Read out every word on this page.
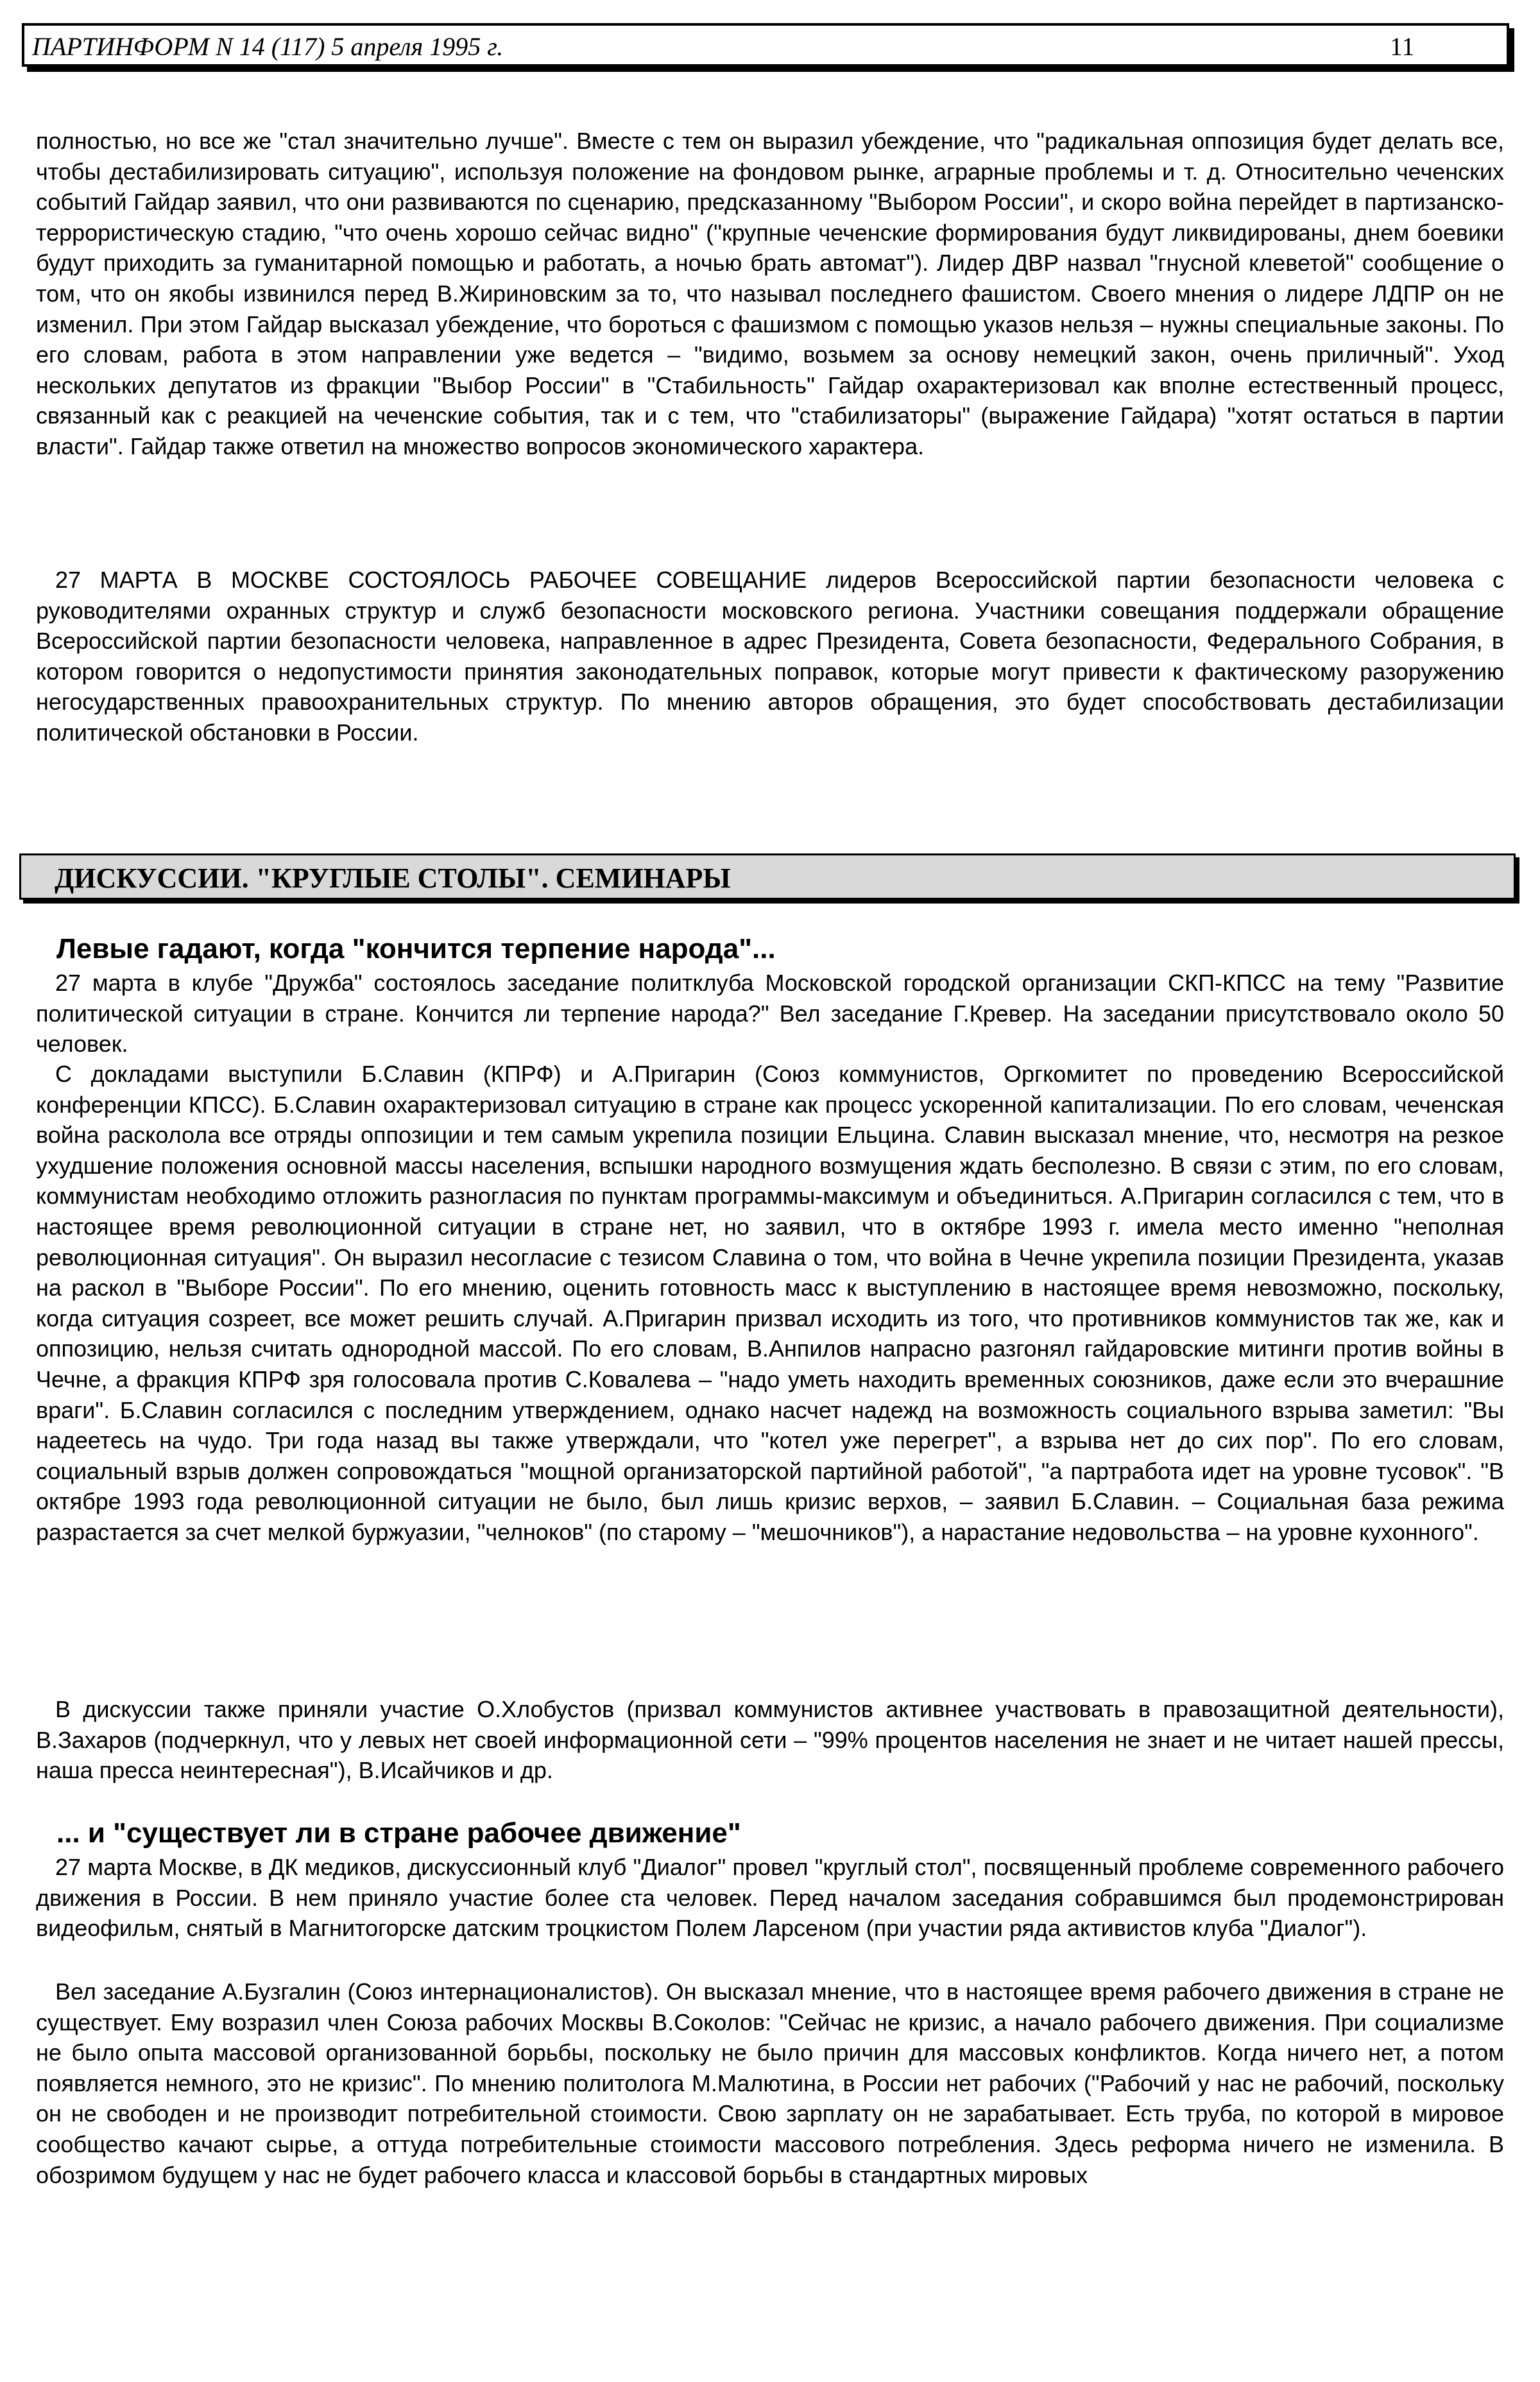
ПАРТИНФОРМ N 14 (117) 5 апреля 1995 г.	11

полностью, но все же "стал значительно лучше". Вместе с тем он выразил убеждение, что "радикальная оппозиция будет делать все, чтобы дестабилизировать ситуацию", используя положение на фондовом рынке, аграрные проблемы и т. д. Относительно чеченских событий Гайдар заявил, что они развиваются по сценарию, предсказанному "Выбором России", и скоро война перейдет в партизанско-террористическую стадию, "что очень хорошо сейчас видно" ("крупные чеченские формирования будут ликвидированы, днем боевики будут приходить за гуманитарной помощью и работать, а ночью брать автомат"). Лидер ДВР назвал "гнусной клеветой" сообщение о том, что он якобы извинился перед В.Жириновским за то, что называл последнего фашистом. Своего мнения о лидере ЛДПР он не изменил. При этом Гайдар высказал убеждение, что бороться с фашизмом с помощью указов нельзя – нужны специальные законы. По его словам, работа в этом направлении уже ведется – "видимо, возьмем за основу немецкий закон, очень приличный". Уход нескольких депутатов из фракции "Выбор России" в "Стабильность" Гайдар охарактеризовал как вполне естественный процесс, связанный как с реакцией на чеченские события, так и с тем, что "стабилизаторы" (выражение Гайдара) "хотят остаться в партии власти". Гайдар также ответил на множество вопросов экономического характера.

27 МАРТА В МОСКВЕ СОСТОЯЛОСЬ РАБОЧЕЕ СОВЕЩАНИЕ лидеров Всероссийской партии безопасности человека с руководителями охранных структур и служб безопасности московского региона. Участники совещания поддержали обращение Всероссийской партии безопасности человека, направленное в адрес Президента, Совета безопасности, Федерального Собрания, в котором говорится о недопустимости принятия законодательных поправок, которые могут привести к фактическому разоружению негосударственных правоохранительных структур. По мнению авторов обращения, это будет способствовать дестабилизации политической обстановки в России.

ДИСКУССИИ. "КРУГЛЫЕ СТОЛЫ". СЕМИНАРЫ
Левые гадают, когда "кончится терпение народа"...

27 марта в клубе "Дружба" состоялось заседание политклуба Московской городской организации СКП-КПСС на тему "Развитие политической ситуации в стране. Кончится ли терпение народа?" Вел заседание Г.Кревер. На заседании присутствовало около 50 человек.

С докладами выступили Б.Славин (КПРФ) и А.Пригарин (Союз коммунистов, Оргкомитет по проведению Всероссийской конференции КПСС). Б.Славин охарактеризовал ситуацию в стране как процесс ускоренной капитализации. По его словам, чеченская война расколола все отряды оппозиции и тем самым укрепила позиции Ельцина. Славин высказал мнение, что, несмотря на резкое ухудшение положения основной массы населения, вспышки народного возмущения ждать бесполезно. В связи с этим, по его словам, коммунистам необходимо отложить разногласия по пунктам программы-максимум и объединиться. А.Пригарин согласился с тем, что в настоящее время революционной ситуации в стране нет, но заявил, что в октябре 1993 г. имела место именно "неполная революционная ситуация". Он выразил несогласие с тезисом Славина о том, что война в Чечне укрепила позиции Президента, указав на раскол в "Выборе России". По его мнению, оценить готовность масс к выступлению в настоящее время невозможно, поскольку, когда ситуация созреет, все может решить случай. А.Пригарин призвал исходить из того, что противников коммунистов так же, как и оппозицию, нельзя считать однородной массой. По его словам, В.Анпилов напрасно разгонял гайдаровские митинги против войны в Чечне, а фракция КПРФ зря голосовала против С.Ковалева – "надо уметь находить временных союзников, даже если это вчерашние враги". Б.Славин согласился с последним утверждением, однако насчет надежд на возможность социального взрыва заметил: "Вы надеетесь на чудо. Три года назад вы также утверждали, что "котел уже перегрет", а взрыва нет до сих пор". По его словам, социальный взрыв должен сопровождаться "мощной организаторской партийной работой", "а партработа идет на уровне тусовок". "В октябре 1993 года революционной ситуации не было, был лишь кризис верхов, – заявил Б.Славин. – Социальная база режима разрастается за счет мелкой буржуазии, "челноков" (по старому – "мешочников"), а нарастание недовольства – на уровне кухонного".

В дискуссии также приняли участие О.Хлобустов (призвал коммунистов активнее участвовать в правозащитной деятельности), В.Захаров (подчеркнул, что у левых нет своей информационной сети – "99% процентов населения не знает и не читает нашей прессы, наша пресса неинтересная"), В.Исайчиков и др.

... и "существует ли в стране рабочее движение"

27 марта Москве, в ДК медиков, дискуссионный клуб "Диалог" провел "круглый стол", посвященный проблеме современного рабочего движения в России. В нем приняло участие более ста человек. Перед началом заседания собравшимся был продемонстрирован видеофильм, снятый в Магнитогорске датским троцкистом Полем Ларсеном (при участии ряда активистов клуба "Диалог").

Вел заседание А.Бузгалин (Союз интернационалистов). Он высказал мнение, что в настоящее время рабочего движения в стране не существует. Ему возразил член Союза рабочих Москвы В.Соколов: "Сейчас не кризис, а начало рабочего движения. При социализме не было опыта массовой организованной борьбы, поскольку не было причин для массовых конфликтов. Когда ничего нет, а потом появляется немного, это не кризис". По мнению политолога М.Малютина, в России нет рабочих ("Рабочий у нас не рабочий, поскольку он не свободен и не производит потребительной стоимости. Свою зарплату он не зарабатывает. Есть труба, по которой в мировое сообщество качают сырье, а оттуда потребительные стоимости массового потребления. Здесь реформа ничего не изменила. В обозримом будущем у нас не будет рабочего класса и классовой борьбы в стандартных мировых
